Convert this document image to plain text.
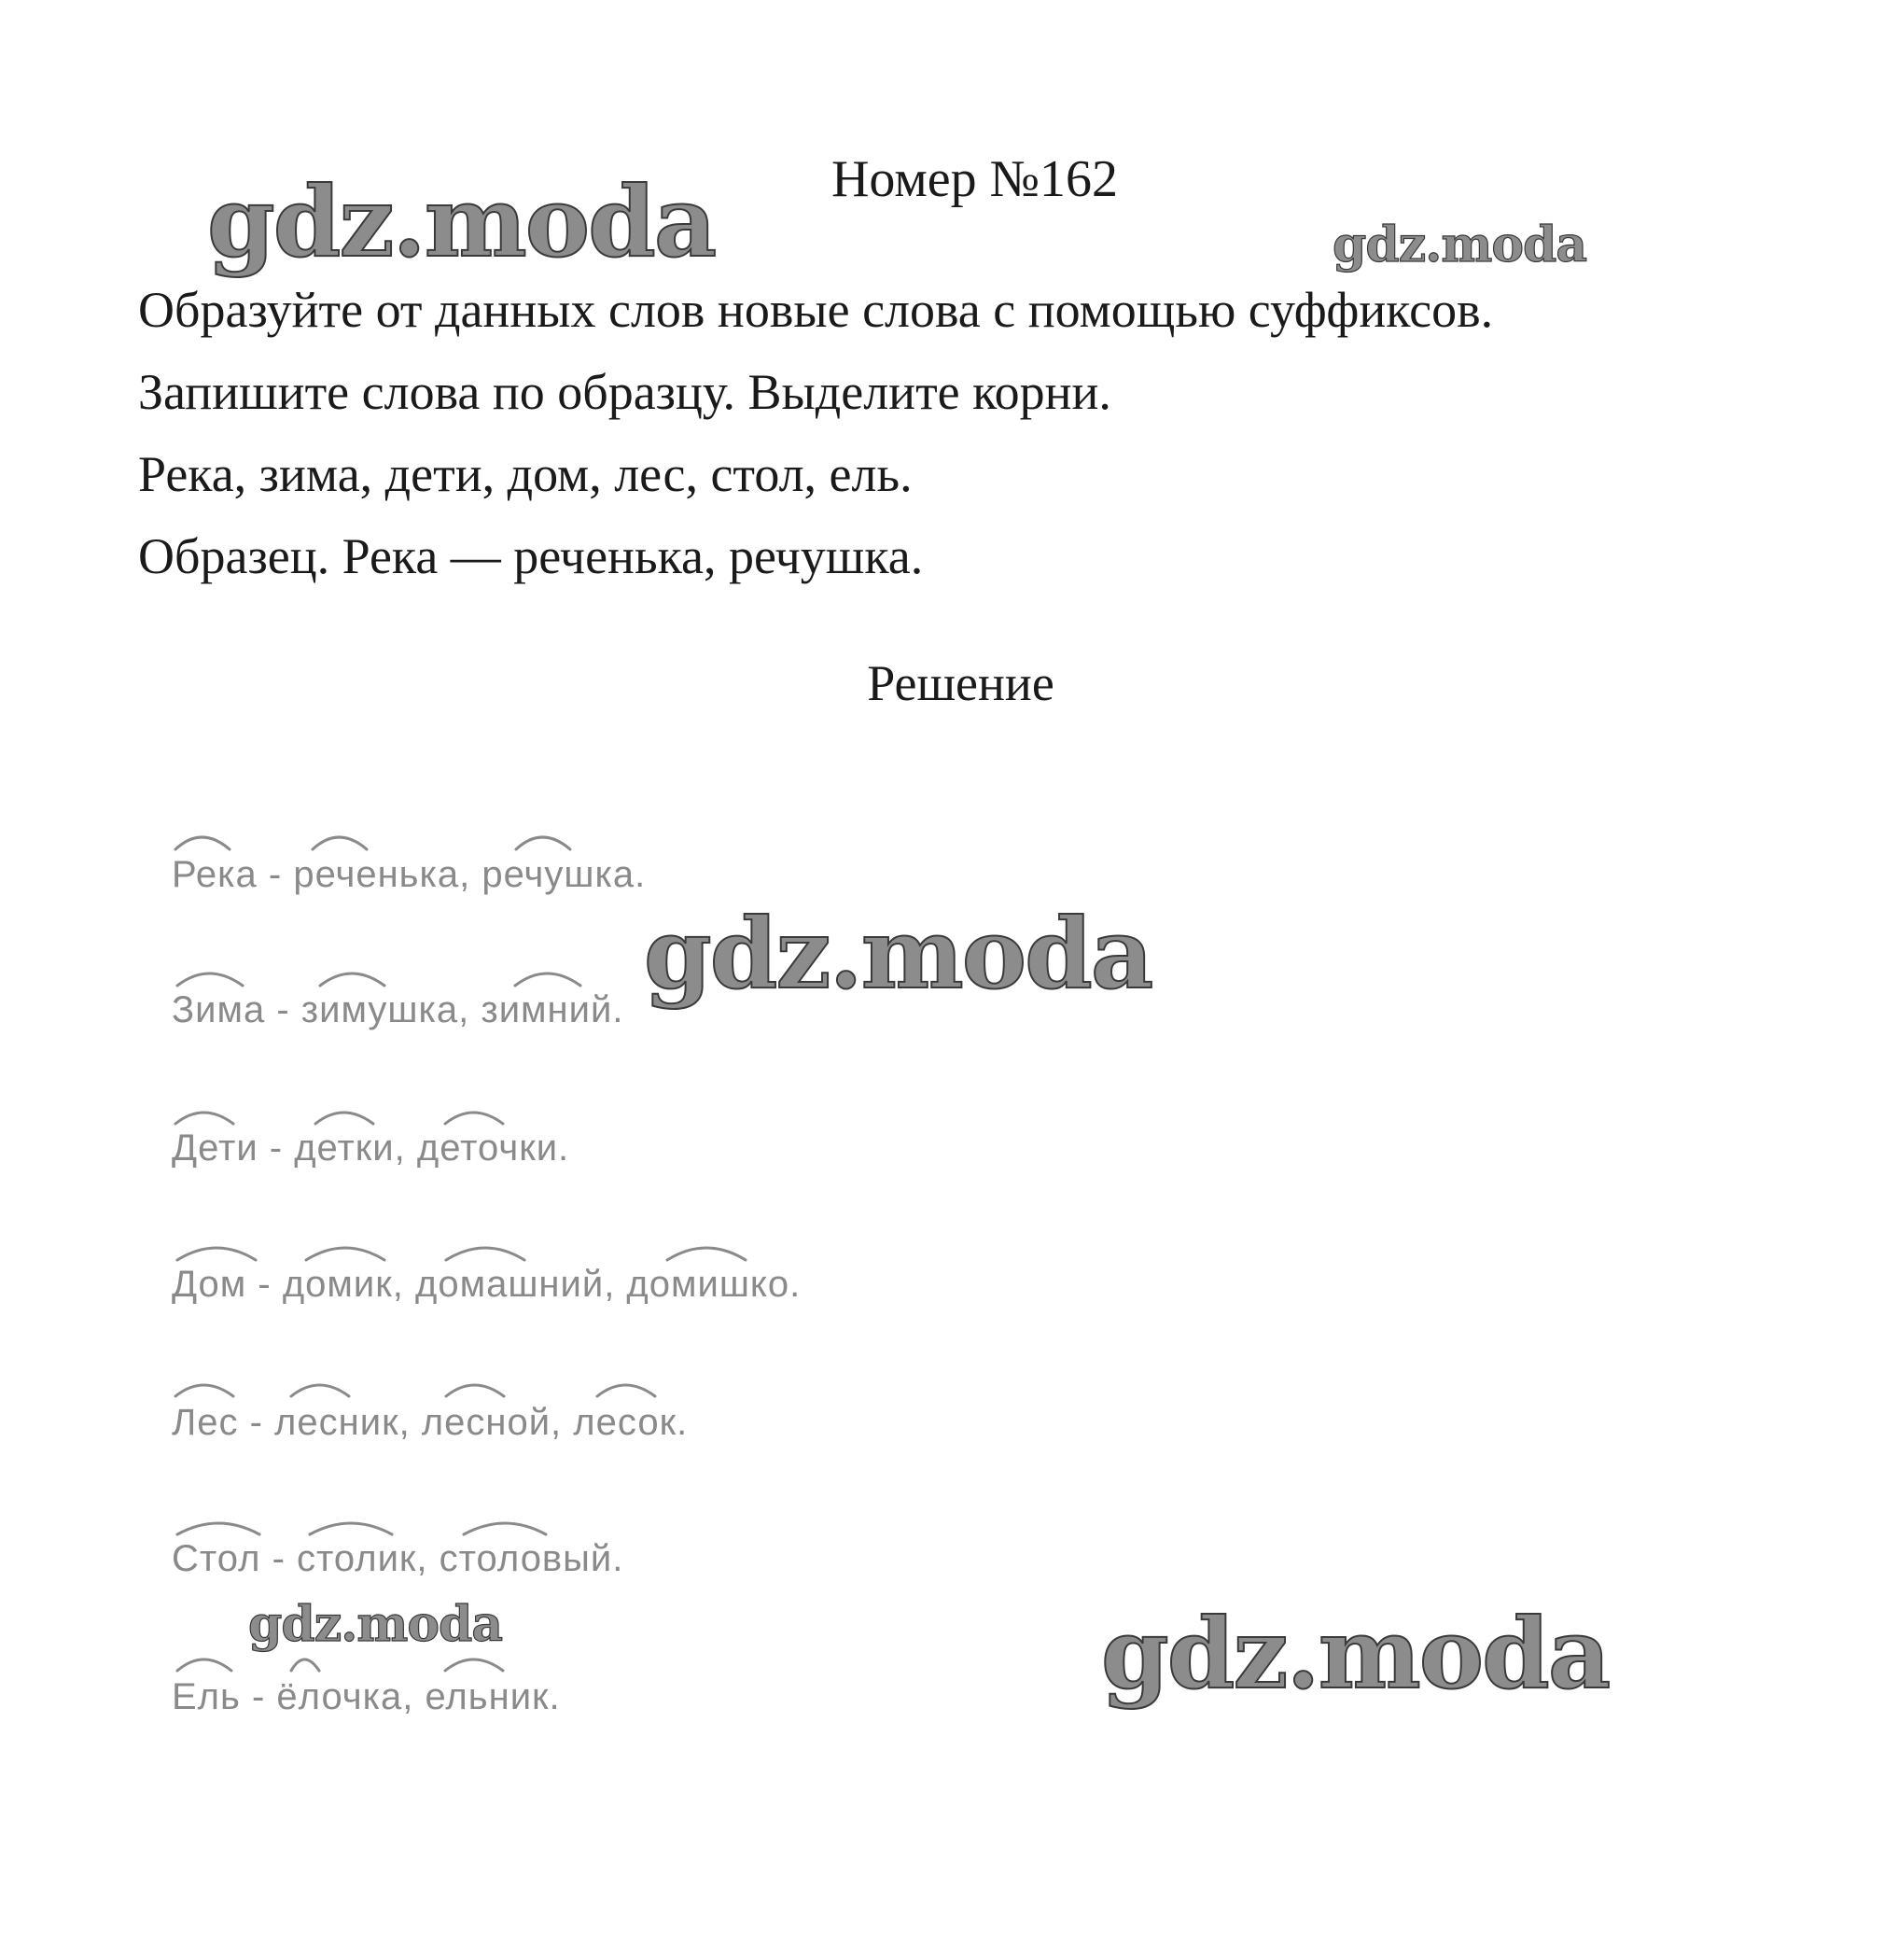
Номер №162

Образуйте от данных слов новые слова с помощью суффиксов.

Запишите слова по образцу. Выделите корни.

Река, зима, дети, дом, лес, стол, ель.

Образец. Река — реченька, речушка.

Решение
Река - реченька, речушка.
Зима - зимушка, зимний.
Дети - детки, деточки.
Дом - домик, домашний, домишко.
Лес - лесник, лесной, лесок.
Стол - столик, столовый.
Ель - ёлочка, ельник.
gdz.moda	gdz.moda
gdz.moda
gdz.moda	gdz.moda
